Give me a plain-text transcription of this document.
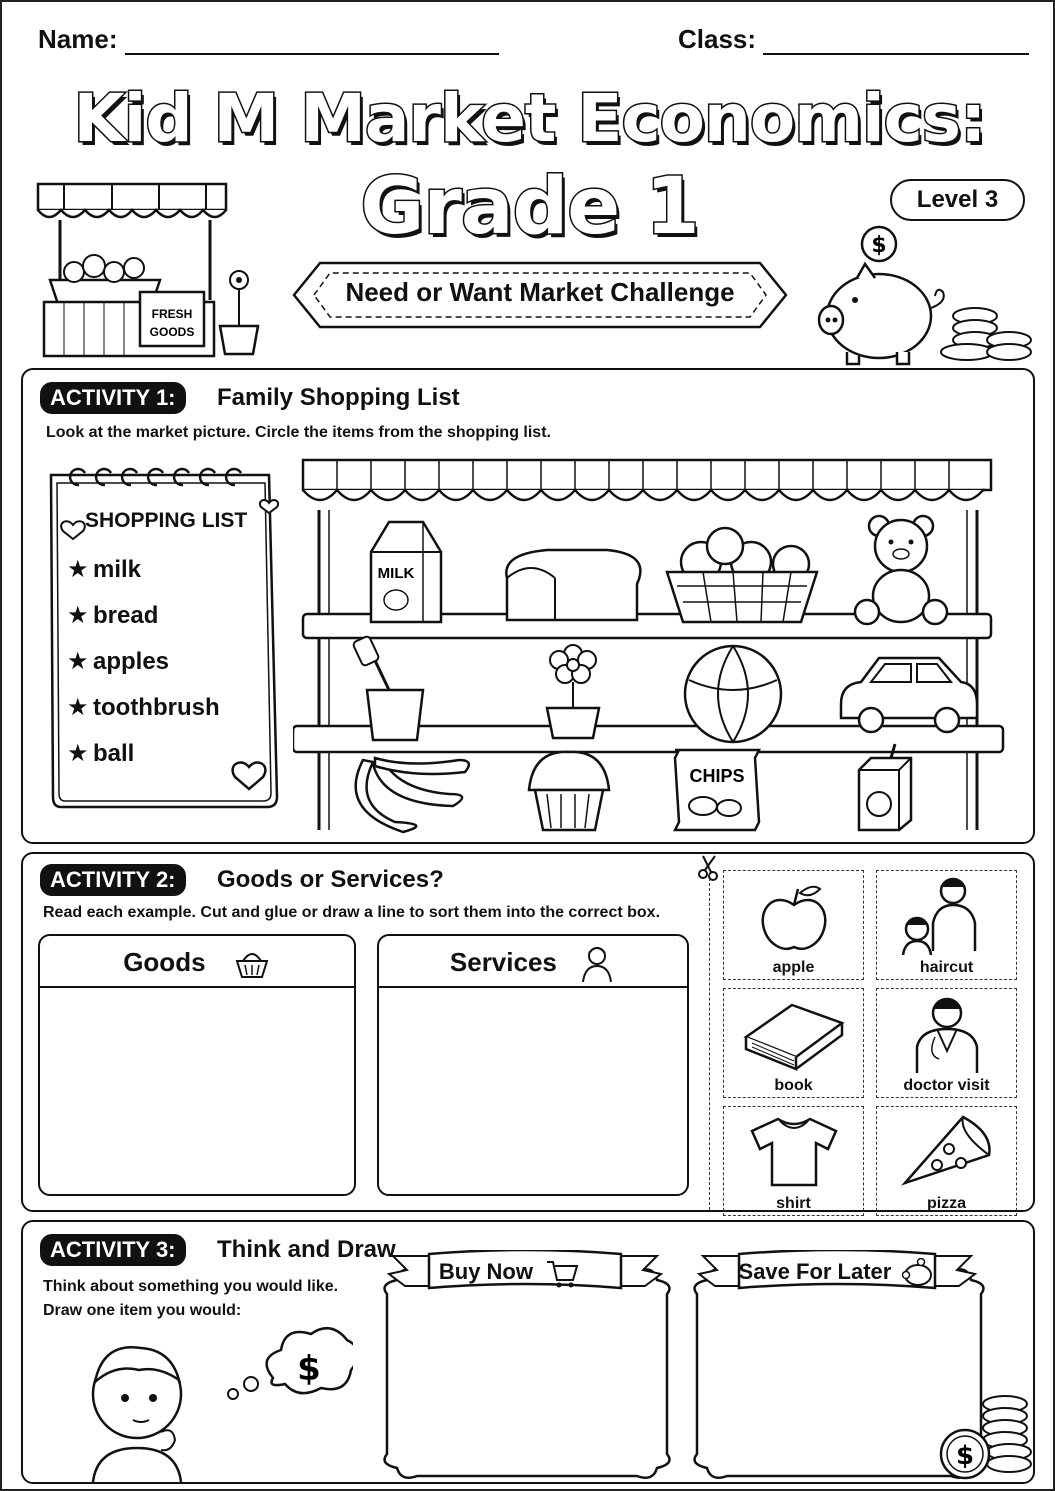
Name:	Class:
Kid M Market Economics:
Grade 1	Level 3
FRESH
GOODS
Need or Want Market Challenge
$
ACTIVITY 1:	Family Shopping List
Look at the market picture. Circle the items from the shopping list.
SHOPPING LIST
★ milk
★ bread
★ apples
★ toothbrush
★ ball
MILK
CHIPS
ACTIVITY 2:	Goods or Services?
Read each example. Cut and glue or draw a line to sort them into the correct box.
Goods	Services	apple	haircut
book	doctor visit
shirt	pizza
ACTIVITY 3:	Think and Draw
Think about something you would like.
Draw one item you would:
$
Buy Now	Save For Later
$
